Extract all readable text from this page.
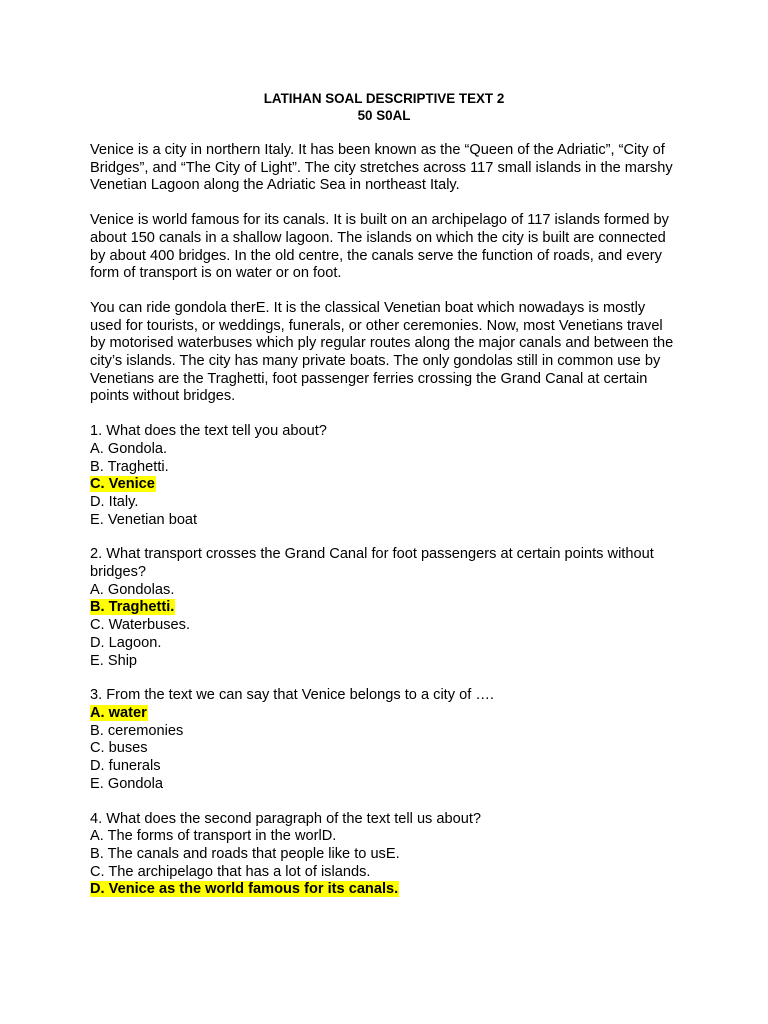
LATIHAN SOAL DESCRIPTIVE TEXT 2

50 S0AL

Venice is a city in northern Italy. It has been known as the “Queen of the Adriatic”, “City of Bridges”, and “The City of Light”. The city stretches across 117 small islands in the marshy Venetian Lagoon along the Adriatic Sea in northeast Italy.

Venice is world famous for its canals. It is built on an archipelago of 117 islands formed by about 150 canals in a shallow lagoon. The islands on which the city is built are connected by about 400 bridges. In the old centre, the canals serve the function of roads, and every form of transport is on water or on foot.

You can ride gondola therE. It is the classical Venetian boat which nowadays is mostly used for tourists, or weddings, funerals, or other ceremonies. Now, most Venetians travel by motorised waterbuses which ply regular routes along the major canals and between the city’s islands. The city has many private boats. The only gondolas still in common use by Venetians are the Traghetti, foot passenger ferries crossing the Grand Canal at certain points without bridges.

1. What does the text tell you about?
A. Gondola.
B. Traghetti.
C. Venice
D. Italy.
E. Venetian boat
2. What transport crosses the Grand Canal for foot passengers at certain points without bridges?
A. Gondolas.
B. Traghetti.
C. Waterbuses.
D. Lagoon.
E. Ship
3. From the text we can say that Venice belongs to a city of ….
A. water
B. ceremonies
C. buses
D. funerals
E. Gondola
4. What does the second paragraph of the text tell us about?
A. The forms of transport in the worlD.
B. The canals and roads that people like to usE.
C. The archipelago that has a lot of islands.
D. Venice as the world famous for its canals.
